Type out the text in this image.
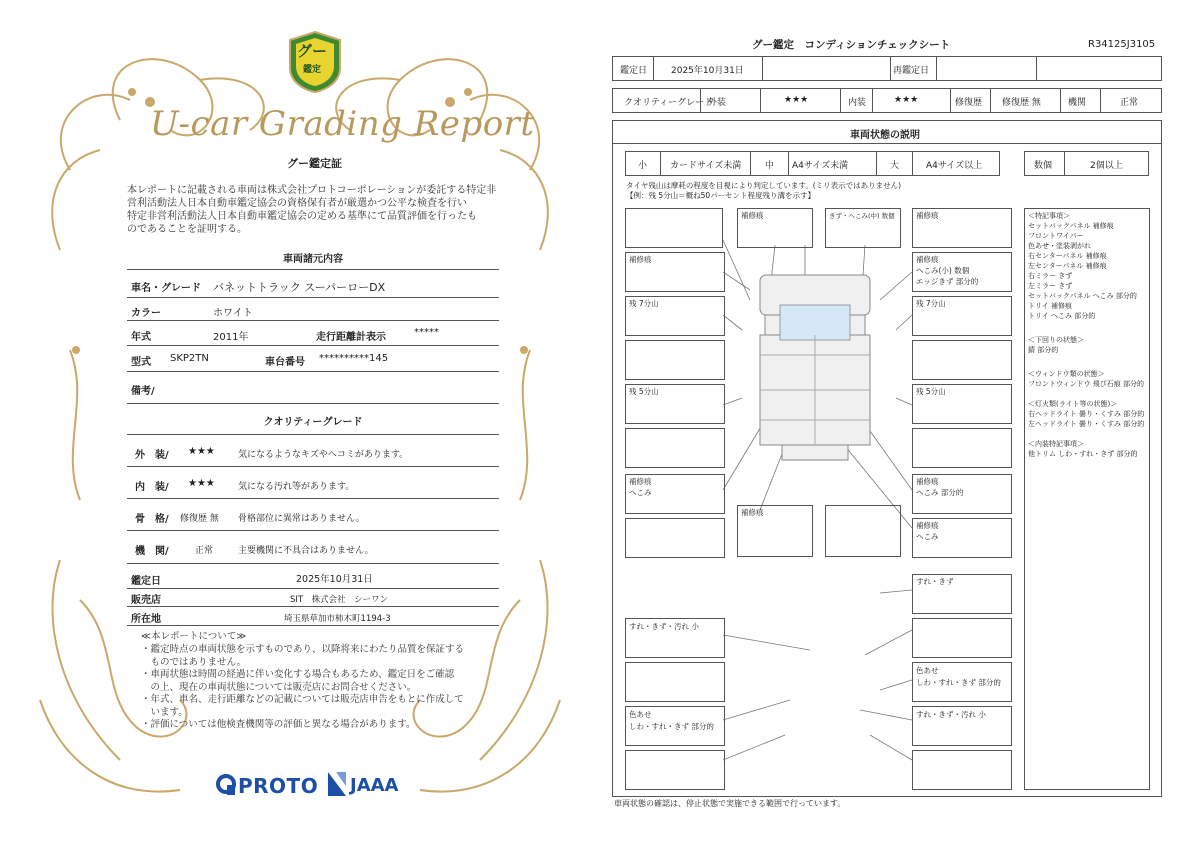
グー
鑑定
U-car Grading Report
グー鑑定証
本レポートに記載される車両は株式会社プロトコーポレーションが委託する特定非
営利活動法人日本自動車鑑定協会の資格保有者が厳選かつ公平な検査を行い
特定非営利活動法人日本自動車鑑定協会の定める基準にて品質評価を行ったも
のであることを証明する。
車両諸元内容
車名・グレード バネットトラック スーパーローDX
カラー	ホワイト
年式	2011年	走行距離計表示	*****
型式 SKP2TN	車台番号 **********145
備考/
クオリティーグレード
外　装/ ★★★	気になるようなキズやヘコミがあります。
内　装/ ★★★	気になる汚れ等があります。
骨　格/ 修復歴 無 骨格部位に異常はありません。
機　関/	正常	主要機関に不具合はありません。
鑑定日	2025年10月31日
販売店	SIT　株式会社　シーワン
所在地	埼玉県草加市柿木町1194-3
≪本レポートについて≫
・鑑定時点の車両状態を示すものであり、以降将来にわたり品質を保証する
　ものではありません。
・車両状態は時間の経過に伴い変化する場合もあるため、鑑定日をご確認
　の上、現在の車両状態については販売店にお問合せください。
・年式、車名、走行距離などの記載については販売店申告をもとに作成して
　います。
・評価については他検査機関等の評価と異なる場合があります。
PROTO JAAA
グー鑑定　コンディションチェックシート	R34125J3105
鑑定日	2025年10月31日	再鑑定日
クオリティーグレード
外装	★★★	内装	★★★	修復歴 修復歴 無	機関	正常
車両状態の説明
小	カードサイズ未満	中 A4サイズ未満	大	A4サイズ以上	数個	2個以上
タイヤ残山は摩耗の程度を目視により判定しています。(ミリ表示ではありません)
【例：残 5分山＝概ね50パーセント程度残り溝を示す】
補修痕	きず・へこみ(中) 数個	補修痕
補修痕
残 7分山
残 5分山
補修痕
へこみ
補修痕
へこみ(小) 数個
エッジきず 部分的
残 7分山
残 5分山
補修痕
へこみ 部分的
補修痕
へこみ
補修痕
すれ・きず
すれ・きず・汚れ 小
色あせ
しわ・すれ・きず 部分的
色あせ
しわ・すれ・きず 部分的
すれ・きず・汚れ 小
＜特記事項＞
セットバックパネル 補修痕
フロントワイパー
色あせ・塗装剥がれ
右センターパネル 補修痕
左センターパネル 補修痕
右ミラー きず
左ミラー きず
セットバックパネル へこみ 部分的
トリイ 補修痕
トリイ へこみ 部分的
＜下回りの状態＞
錆 部分的
＜ウィンドウ類の状態＞
フロントウィンドウ 飛び石痕 部分的
＜灯火類(ライト等の状態)＞
右ヘッドライト 曇り・くすみ 部分的
左ヘッドライト 曇り・くすみ 部分的
＜内装特記事項＞
他トリム しわ・すれ・きず 部分的
車両状態の確認は、停止状態で実施できる範囲で行っています。
